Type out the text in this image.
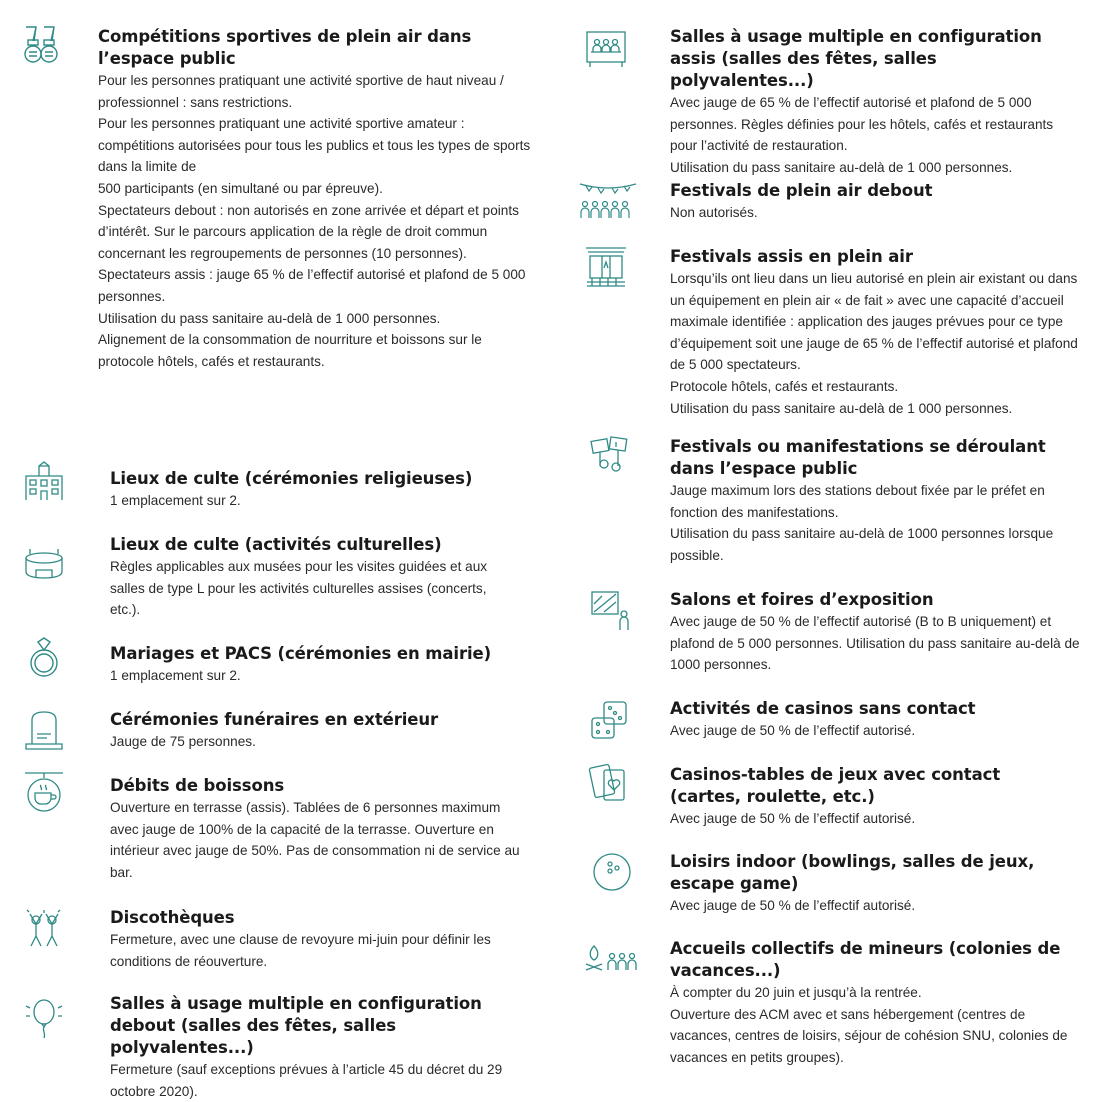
Compétitions sportives de plein air dans l’espace public

Pour les personnes pratiquant une activité sportive de haut niveau / professionnel : sans restrictions.

Pour les personnes pratiquant une activité sportive amateur : compétitions autorisées pour tous les publics et tous les types de sports dans la limite de

500 participants (en simultané ou par épreuve).

Spectateurs debout : non autorisés en zone arrivée et départ et points d’intérêt. Sur le parcours application de la règle de droit commun concernant les regroupements de personnes (10 personnes).

Spectateurs assis : jauge 65 % de l’effectif autorisé et plafond de 5 000 personnes.

Utilisation du pass sanitaire au-delà de 1 000 personnes.

Alignement de la consommation de nourriture et boissons sur le protocole hôtels, cafés et restaurants.

Lieux de culte (cérémonies religieuses)

1 emplacement sur 2.

Lieux de culte (activités culturelles)

Règles applicables aux musées pour les visites guidées et aux salles de type L pour les activités culturelles assises (concerts, etc.).

Mariages et PACS (cérémonies en mairie)

1 emplacement sur 2.

Cérémonies funéraires en extérieur

Jauge de 75 personnes.

Débits de boissons

Ouverture en terrasse (assis). Tablées de 6 personnes maximum avec jauge de 100% de la capacité de la terrasse. Ouverture en intérieur avec jauge de 50%. Pas de consommation ni de service au bar.

Discothèques

Fermeture, avec une clause de revoyure mi-juin pour définir les conditions de réouverture.

Salles à usage multiple en configuration debout (salles des fêtes, salles polyvalentes...)

Fermeture (sauf exceptions prévues à l’article 45 du décret du 29 octobre 2020).

Salles à usage multiple en configuration assis (salles des fêtes, salles polyvalentes...)

Avec jauge de 65 % de l’effectif autorisé et plafond de 5 000 personnes. Règles définies pour les hôtels, cafés et restaurants pour l’activité de restauration.

Utilisation du pass sanitaire au-delà de 1 000 personnes.

Festivals de plein air debout

Non autorisés.

Festivals assis en plein air

Lorsqu’ils ont lieu dans un lieu autorisé en plein air existant ou dans un équipement en plein air « de fait » avec une capacité d’accueil maximale identifiée : application des jauges prévues pour ce type d’équipement soit une jauge de 65 % de l’effectif autorisé et plafond de 5 000 spectateurs.

Protocole hôtels, cafés et restaurants.

Utilisation du pass sanitaire au-delà de 1 000 personnes.

Festivals ou manifestations se déroulant dans l’espace public

Jauge maximum lors des stations debout fixée par le préfet en fonction des manifestations.

Utilisation du pass sanitaire au-delà de 1000 personnes lorsque possible.

Salons et foires d’exposition

Avec jauge de 50 % de l’effectif autorisé (B to B uniquement) et plafond de 5 000 personnes. Utilisation du pass sanitaire au-delà de 1000 personnes.

Activités de casinos sans contact

Avec jauge de 50 % de l’effectif autorisé.

Casinos-tables de jeux avec contact (cartes, roulette, etc.)

Avec jauge de 50 % de l’effectif autorisé.

Loisirs indoor (bowlings, salles de jeux, escape game)

Avec jauge de 50 % de l’effectif autorisé.

Accueils collectifs de mineurs (colonies de vacances...)

À compter du 20 juin et jusqu’à la rentrée.

Ouverture des ACM avec et sans hébergement (centres de vacances, centres de loisirs, séjour de cohésion SNU, colonies de vacances en petits groupes).
